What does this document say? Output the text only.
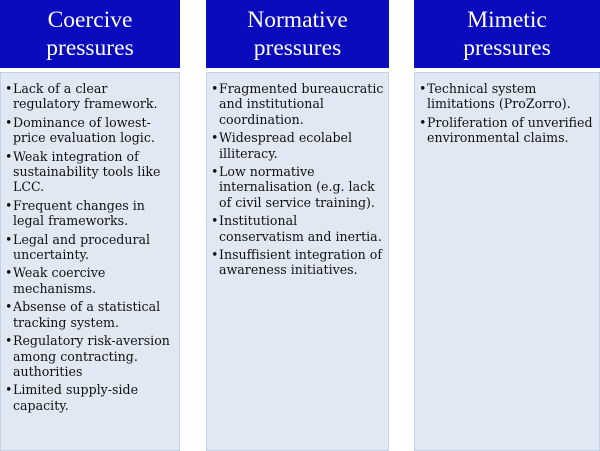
Coercive
pressures
• Lack of a clear regulatory framework.
• Dominance of lowest-price evaluation logic.
• Weak integration of sustainability tools like LCC.
• Frequent changes in legal frameworks.
• Legal and procedural uncertainty.
• Weak coercive mechanisms.
• Absense of a statistical tracking system.
• Regulatory risk-aversion among contracting. authorities
• Limited supply-side capacity.
Normative
pressures
• Fragmented bureaucratic and institutional coordination.
• Widespread ecolabel illiteracy.
• Low normative internalisation (e.g. lack of civil service training).
• Institutional conservatism and inertia.
• Insuffisient integration of awareness initiatives.
Mimetic
pressures
• Technical system limitations (ProZorro).
• Proliferation of unverified environmental claims.
